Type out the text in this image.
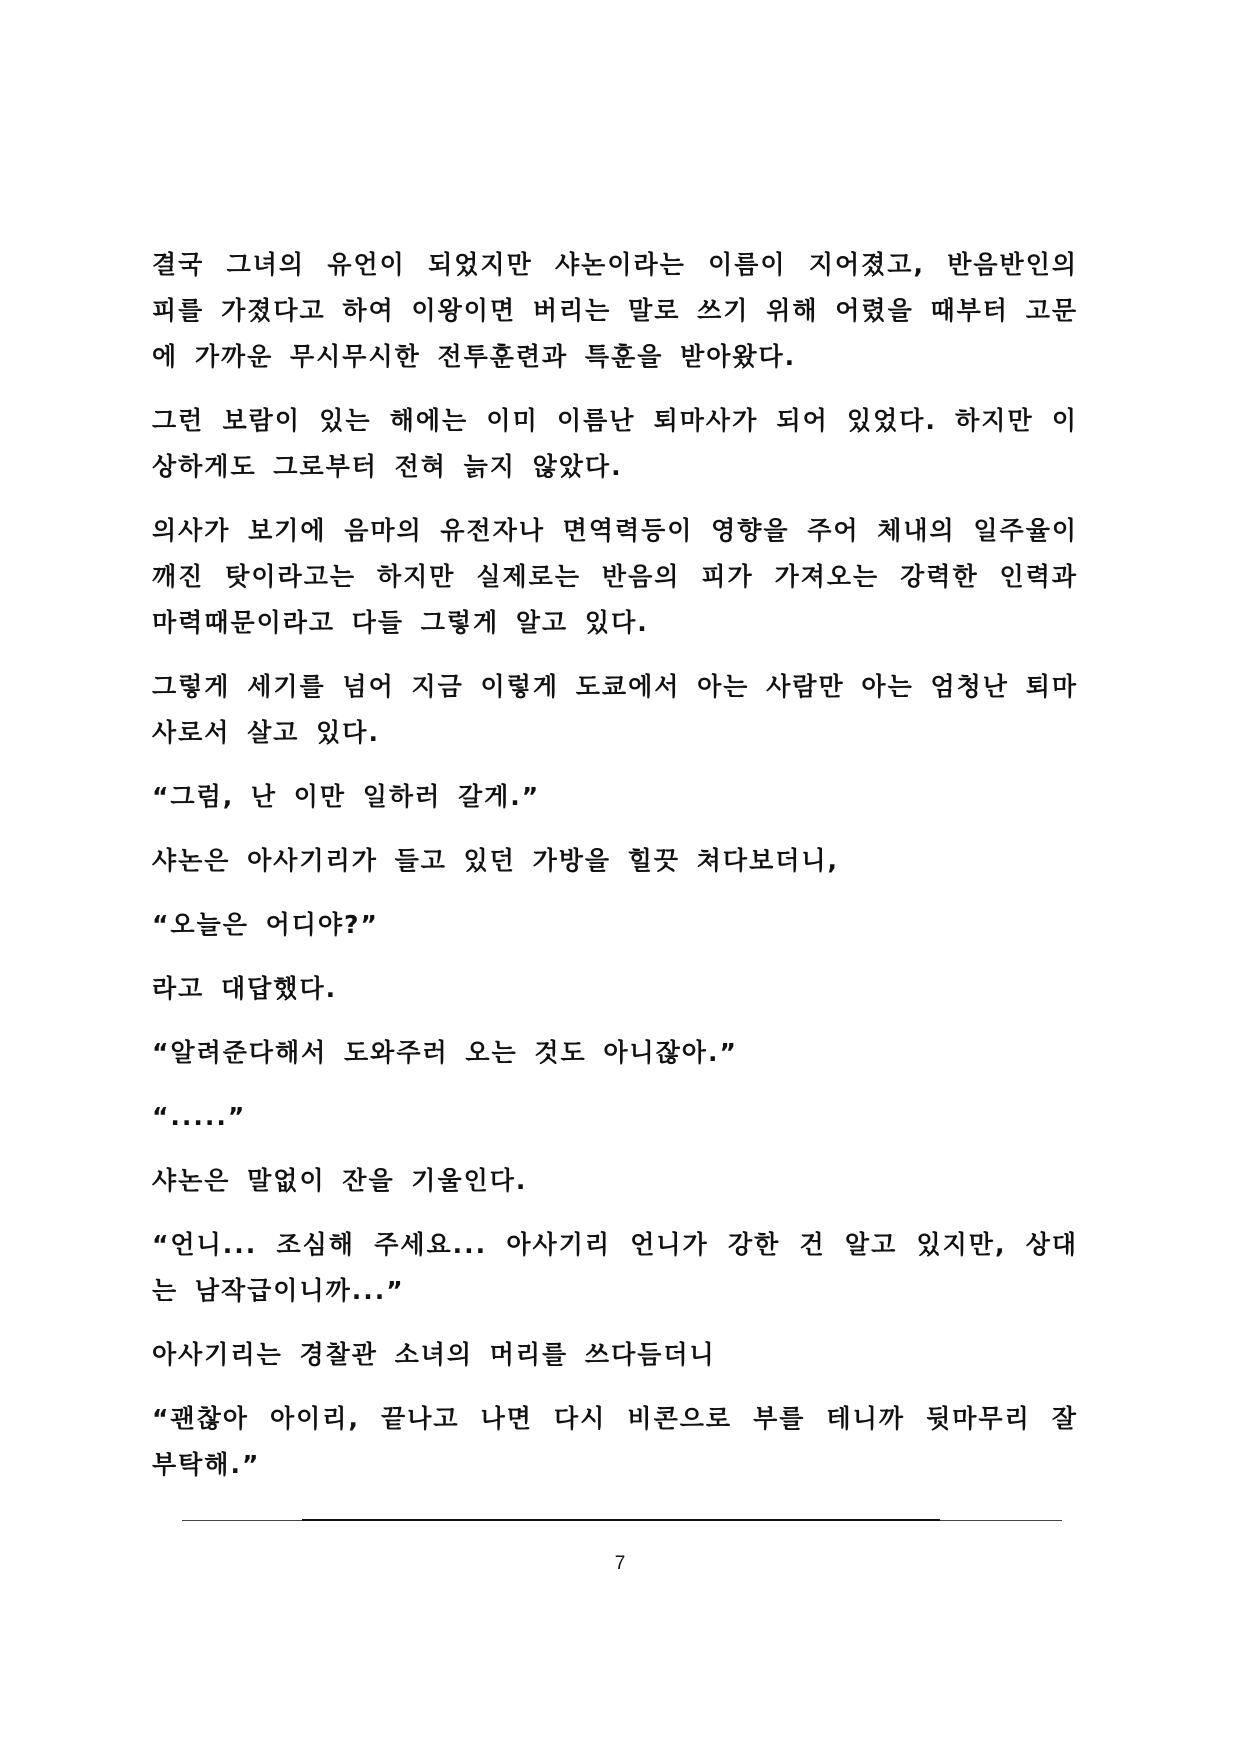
결국 그녀의 유언이 되었지만 샤논이라는 이름이 지어졌고, 반음반인의 피를 가졌다고 하여 이왕이면 버리는 말로 쓰기 위해 어렸을 때부터 고문에 가까운 무시무시한 전투훈련과 특훈을 받아왔다.

그런 보람이 있는 해에는 이미 이름난 퇴마사가 되어 있었다. 하지만 이상하게도 그로부터 전혀 늙지 않았다.

의사가 보기에 음마의 유전자나 면역력등이 영향을 주어 체내의 일주율이 깨진 탓이라고는 하지만 실제로는 반음의 피가 가져오는 강력한 인력과 마력때문이라고 다들 그렇게 알고 있다.

그렇게 세기를 넘어 지금 이렇게 도쿄에서 아는 사람만 아는 엄청난 퇴마사로서 살고 있다.

“그럼, 난 이만 일하러 갈게.”

샤논은 아사기리가 들고 있던 가방을 힐끗 쳐다보더니,

“오늘은 어디야?”

라고 대답했다.

“알려준다해서 도와주러 오는 것도 아니잖아.”

“.....”

샤논은 말없이 잔을 기울인다.

“언니... 조심해 주세요... 아사기리 언니가 강한 건 알고 있지만, 상대는 남작급이니까...”

아사기리는 경찰관 소녀의 머리를 쓰다듬더니

“괜찮아 아이리, 끝나고 나면 다시 비콘으로 부를 테니까 뒷마무리 잘 부탁해.”

7
